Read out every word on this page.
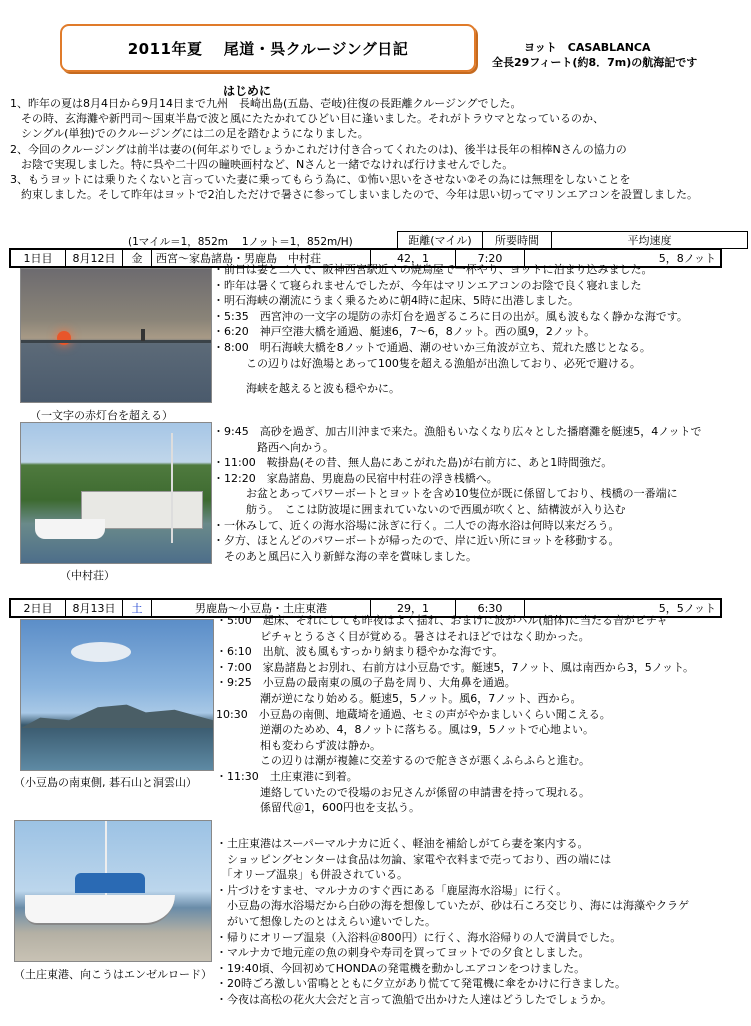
2011年夏　 尾道・呉クルージング日記	ヨット　CASABLANCA
全長29フィート(約8．7m)の航海記です
はじめに

1、昨年の夏は8月4日から9月14日まで九州　長崎出島(五島、壱岐)往復の長距離クルージングでした。

　その時、玄海灘や新門司～国東半島で波と風にたたかれてひどい目に逢いました。それがトラウマとなっているのか、

　シングル(単独)でのクルージングには二の足を踏むようになりました。

2、今回のクルージングは前半は妻の(何年ぶりでしょうかこれだけ付き合ってくれたのは)、後半は長年の相棒Nさんの協力の

　お陰で実現しました。特に呉や二十四の瞳映画村など、Nさんと一緒でなければ行けませんでした。

3、もうヨットには乗りたくないと言っていた妻に乗ってもらう為に、①怖い思いをさせない②その為には無理をしないことを

　約束しました。そして昨年はヨットで2泊しただけで暑さに参ってしまいましたので、今年は思い切ってマリンエアコンを設置しました。

(1マイル＝1，852m　 1ノット＝1，852m/H)	距離(マイル)	所要時間	平均速度
1日目	8月12日	金	西宮～家島諸島・男鹿島　中村荘	42，1	7:20	5，8ノット
（一文字の赤灯台を超える）
・前日は妻と二人で、阪神西宮駅近くの焼鳥屋で一杯やり、ヨットに泊まり込みました。
・昨年は暑くて寝られませんでしたが、今年はマリンエアコンのお陰で良く寝れました
・明石海峡の潮流にうまく乗るために朝4時に起床、5時に出港しました。
・5:35　西宮沖の一文字の堤防の赤灯台を過ぎるころに日の出が。風も波もなく静かな海です。
・6:20　神戸空港大橋を通過、艇速6，7～6，8ノット。西の風9，2ノット。
・8:00　明石海峡大橋を8ノットで通過、潮のせいか三角波が立ち、荒れた感じとなる。
　　　この辺りは好漁場とあって100隻を超える漁船が出漁しており、必死で避ける。
　　　海峡を越えると波も穏やかに。
（中村荘）
・9:45　高砂を過ぎ、加古川沖まで来た。漁船もいなくなり広々とした播磨灘を艇速5，4ノットで
　　　　路西へ向かう。
・11:00　鞍掛島(その昔、無人島にあこがれた島)が右前方に、あと1時間強だ。
・12:20　家島諸島、男鹿島の民宿中村荘の浮き桟橋へ。
　　　お盆とあってパワーボートとヨットを含め10隻位が既に係留しており、桟橋の一番端に
　　　舫う。　ここは防波堤に囲まれていないので西風が吹くと、結構波が入り込む
・一休みして、近くの海水浴場に泳ぎに行く。二人での海水浴は何時以来だろう。
・夕方、ほとんどのパワーボートが帰ったので、岸に近い所にヨットを移動する。
　そのあと風呂に入り新鮮な海の幸を賞味しました。
2日目	8月13日	土	男鹿島～小豆島・土庄東港	29，1	6:30	5，5ノット
（小豆島の南東側, 碁石山と洞雲山）
・5:00　起床、それにしても昨夜はよく揺れ、おまけに波がハル(船体)に当たる音がピチャ
　　　　ピチャとうるさく目が覚める。暑さはそれほどではなく助かった。
・6:10　出航、波も風もすっかり納まり穏やかな海です。
・7:00　家島諸島とお別れ、右前方は小豆島です。艇速5，7ノット、風は南西から3，5ノット。
・9:25　小豆島の最南東の風の子島を周り、大角鼻を通過。
　　　　潮が逆になり始める。艇速5，5ノット。風6，7ノット、西から。
10:30　小豆島の南側、地蔵埼を通過、セミの声がやかましいくらい聞こえる。
　　　　逆潮のためめ、4，8ノットに落ちる。風は9，5ノットで心地よい。
　　　　相も変わらず波は静か。
　　　　この辺りは潮が複雑に交差するので舵きさが悪くふらふらと進む。
・11:30　土庄東港に到着。
　　　　連絡していたので役場のお兄さんが係留の申請書を持って現れる。
　　　　係留代＠1，600円也を支払う。
（土庄東港、向こうはエンゼルロード）
・土庄東港はスーパーマルナカに近く、軽油を補給しがてら妻を案内する。
　ショッピングセンターは食品は勿論、家電や衣料まで売っており、西の端には
　「オリーブ温泉」も併設されている。
・片づけをすませ、マルナカのすぐ西にある「鹿屋海水浴場」に行く。
　小豆島の海水浴場だから白砂の海を想像していたが、砂は石ころ交じり、海には海藻やクラゲ
　がいて想像したのとはえらい違いでした。
・帰りにオリーブ温泉（入浴料＠800円）に行く、海水浴帰りの人で満員でした。
・マルナカで地元産の魚の刺身や寿司を買ってヨットでの夕食としました。
・19:40頃、今回初めてHONDAの発電機を動かしエアコンをつけました。
・20時ごろ激しい雷鳴とともに夕立があり慌てて発電機に傘をかけに行きました。
・今夜は高松の花火大会だと言って漁船で出かけた人達はどうしたでしょうか。
